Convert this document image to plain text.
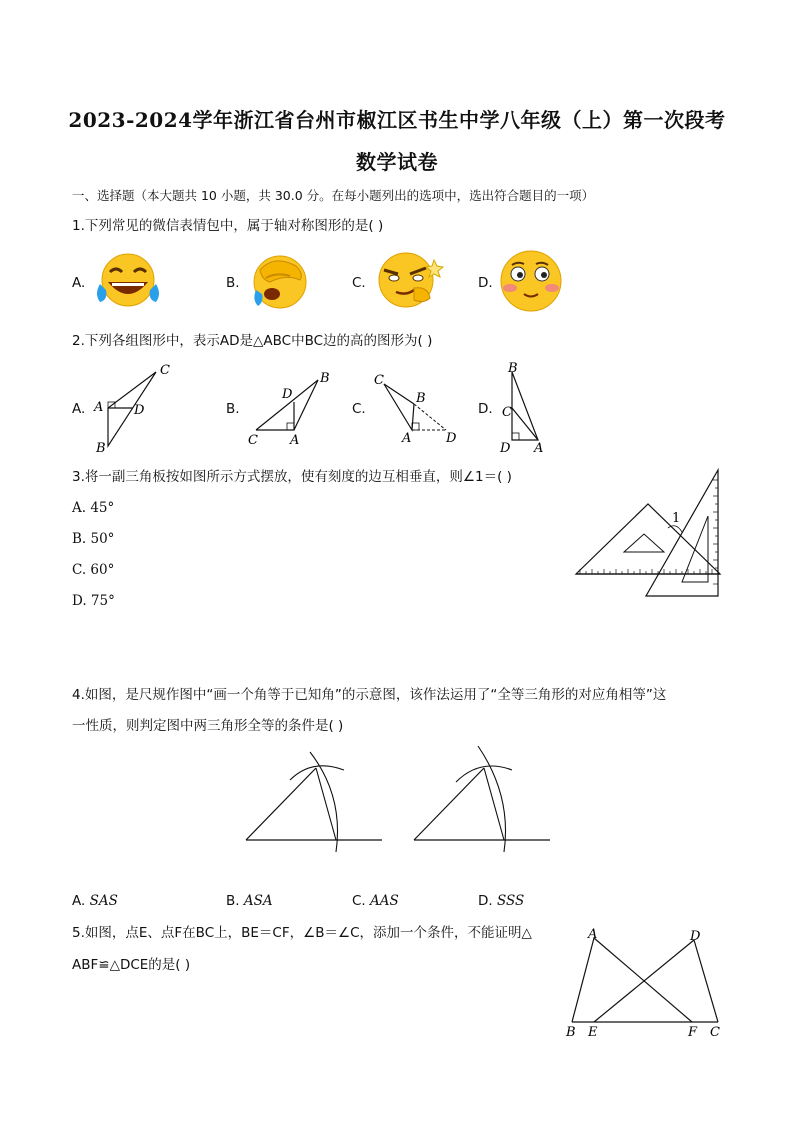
2023-2024学年浙江省台州市椒江区书生中学八年级（上）第一次段考
数学试卷
一、选择题（本大题共 10 小题，共 30.0 分。在每小题列出的选项中，选出符合题目的一项）
1.下列常见的微信表情包中，属于轴对称图形的是( )
A.	B.	C.	D.
2.下列各组图形中，表示AD是△ABC中BC边的高的图形为( )
A.
C
A D
B
B.
D
B
C A
C.
C
B
A	D
D.
B
C
D A
3.将一副三角板按如图所示方式摆放，使有刻度的边互相垂直，则∠1＝( )
A. 45°
B. 50°
C. 60°
D. 75°
1
4.如图，是尺规作图中“画一个角等于已知角”的示意图，该作法运用了“全等三角形的对应角相等”这
一性质，则判定图中两三角形全等的条件是( )
A. SAS	B. ASA	C. AAS	D. SSS
5.如图，点E、点F在BC上，BE＝CF，∠B＝∠C，添加一个条件，不能证明△
ABF≌△DCE的是( )
A	D
B E	F C
